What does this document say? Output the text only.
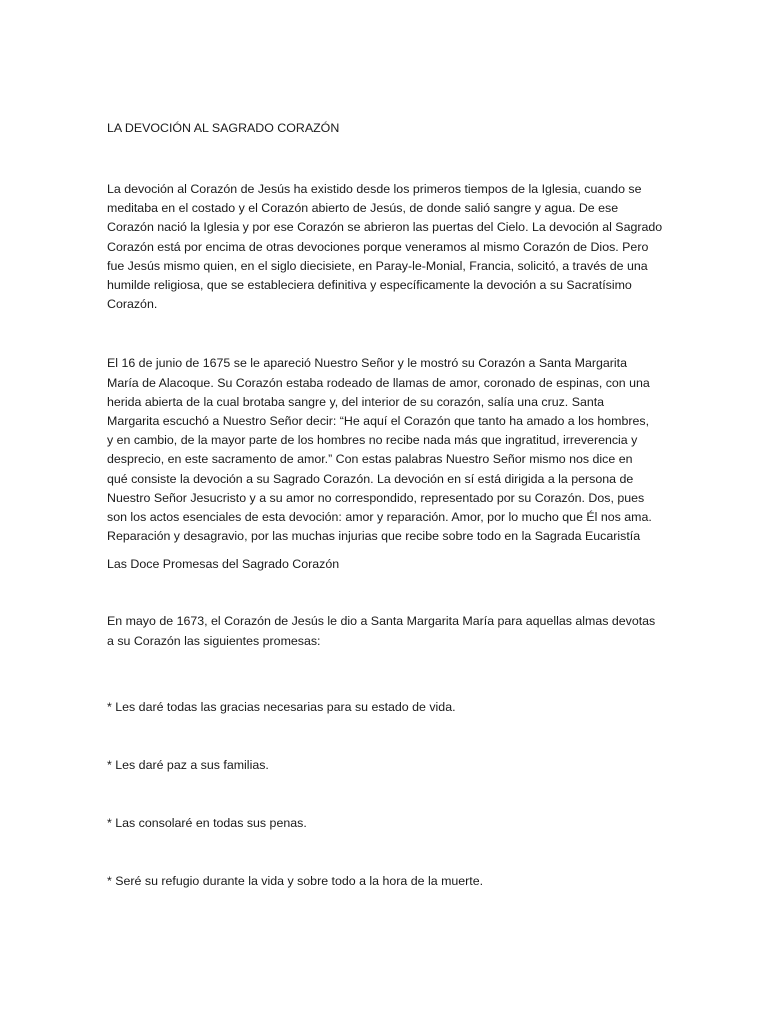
LA DEVOCIÓN AL SAGRADO CORAZÓN

La devoción al Corazón de Jesús ha existido desde los primeros tiempos de la Iglesia, cuando se
meditaba en el costado y el Corazón abierto de Jesús, de donde salió sangre y agua. De ese
Corazón nació la Iglesia y por ese Corazón se abrieron las puertas del Cielo. La devoción al Sagrado
Corazón está por encima de otras devociones porque veneramos al mismo Corazón de Dios. Pero
fue Jesús mismo quien, en el siglo diecisiete, en Paray-le-Monial, Francia, solicitó, a través de una
humilde religiosa, que se estableciera definitiva y específicamente la devoción a su Sacratísimo
Corazón.

El 16 de junio de 1675 se le apareció Nuestro Señor y le mostró su Corazón a Santa Margarita
María de Alacoque. Su Corazón estaba rodeado de llamas de amor, coronado de espinas, con una
herida abierta de la cual brotaba sangre y, del interior de su corazón, salía una cruz. Santa
Margarita escuchó a Nuestro Señor decir: “He aquí el Corazón que tanto ha amado a los hombres,
y en cambio, de la mayor parte de los hombres no recibe nada más que ingratitud, irreverencia y
desprecio, en este sacramento de amor.” Con estas palabras Nuestro Señor mismo nos dice en
qué consiste la devoción a su Sagrado Corazón. La devoción en sí está dirigida a la persona de
Nuestro Señor Jesucristo y a su amor no correspondido, representado por su Corazón. Dos, pues
son los actos esenciales de esta devoción: amor y reparación. Amor, por lo mucho que Él nos ama.
Reparación y desagravio, por las muchas injurias que recibe sobre todo en la Sagrada Eucaristía

Las Doce Promesas del Sagrado Corazón

En mayo de 1673, el Corazón de Jesús le dio a Santa Margarita María para aquellas almas devotas
a su Corazón las siguientes promesas:

* Les daré todas las gracias necesarias para su estado de vida.

* Les daré paz a sus familias.

* Las consolaré en todas sus penas.

* Seré su refugio durante la vida y sobre todo a la hora de la muerte.
